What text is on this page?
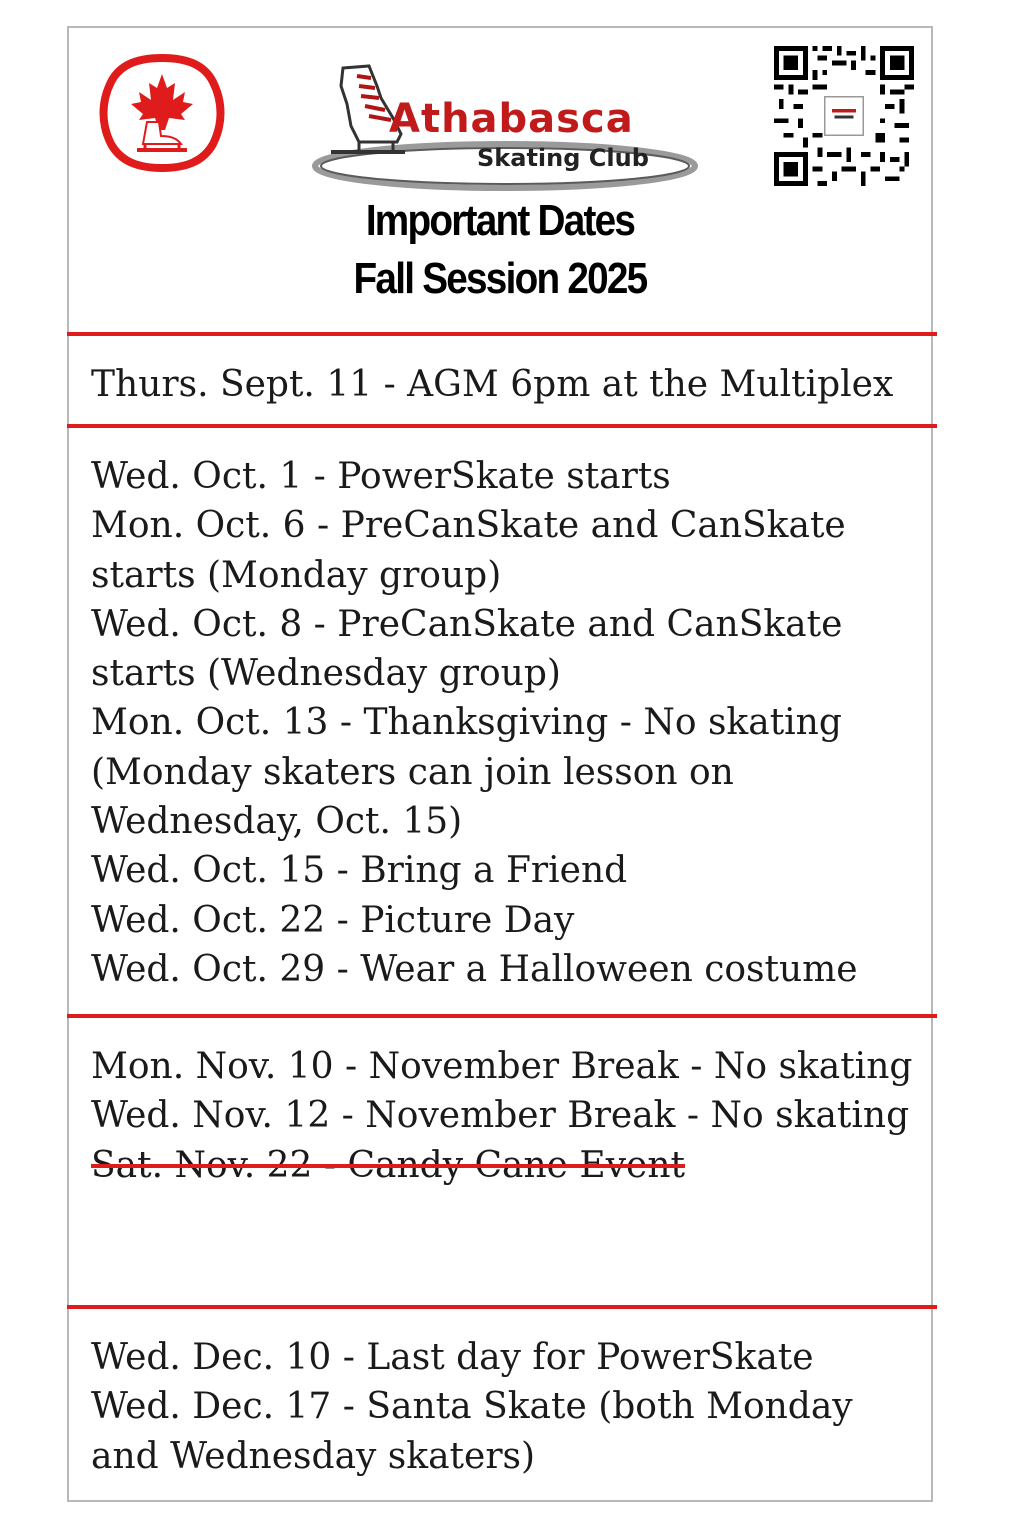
Athabasca
Skating Club
Important Dates
Fall Session 2025
Thurs. Sept. 11 - AGM 6pm at the Multiplex
Wed. Oct. 1 - PowerSkate starts
Mon. Oct. 6 - PreCanSkate and CanSkate starts (Monday group)
Wed. Oct. 8 - PreCanSkate and CanSkate starts (Wednesday group)
Mon. Oct. 13 - Thanksgiving - No skating (Monday skaters can join lesson on Wednesday, Oct. 15)
Wed. Oct. 15 - Bring a Friend
Wed. Oct. 22 - Picture Day
Wed. Oct. 29 - Wear a Halloween costume
Mon. Nov. 10 - November Break - No skating
Wed. Nov. 12 - November Break - No skating
Sat. Nov. 22 - Candy Cane Event
Wed. Dec. 10 - Last day for PowerSkate
Wed. Dec. 17 - Santa Skate (both Monday and Wednesday skaters)
